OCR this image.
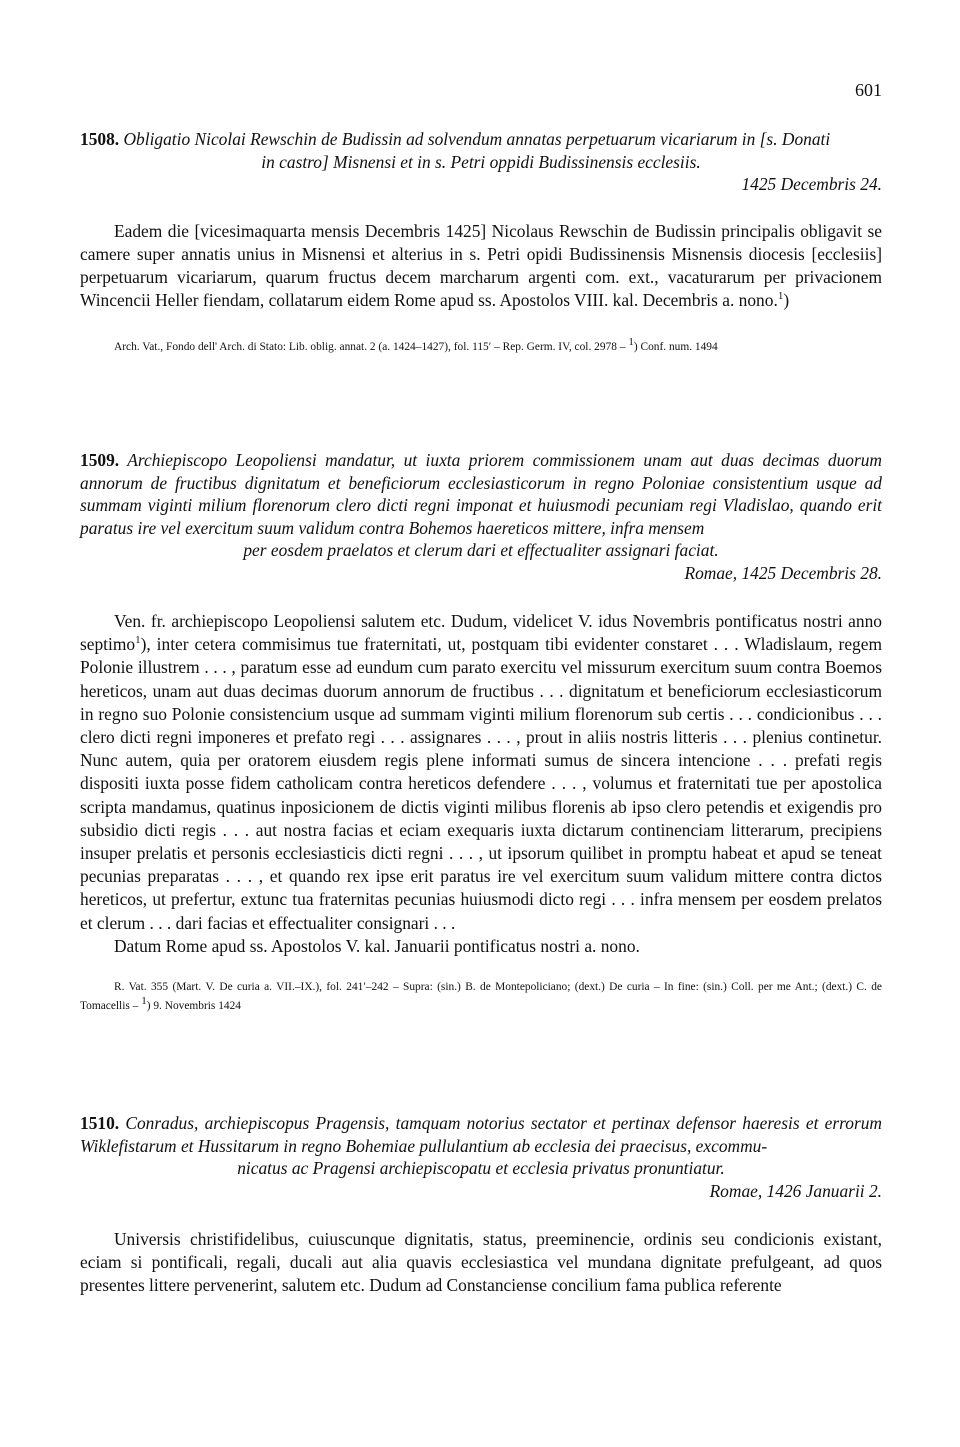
601
1508. Obligatio Nicolai Rewschin de Budissin ad solvendum annatas perpetuarum vicariarum in [s. Donati
in castro] Misnensi et in s. Petri oppidi Budissinensis ecclesiis.
1425 Decembris 24.

Eadem die [vicesimaquarta mensis Decembris 1425] Nicolaus Rewschin de Budissin principalis obligavit se camere super annatis unius in Misnensi et alterius in s. Petri opidi Budissinensis Misnensis diocesis [ecclesiis] perpetuarum vicariarum, quarum fructus decem marcharum argenti com. ext., vacaturarum per privacionem Wincencii Heller fiendam, collatarum eidem Rome apud ss. Apostolos VIII. kal. Decembris a. nono.$^1$)

Arch. Vat., Fondo dell' Arch. di Stato: Lib. oblig. annat. 2 (a. 1424–1427), fol. 115′ – Rep. Germ. IV, col. 2978 – $^1$) Conf. num. 1494
1509. Archiepiscopo Leopoliensi mandatur, ut iuxta priorem commissionem unam aut duas decimas duorum annorum de fructibus dignitatum et beneficiorum ecclesiasticorum in regno Poloniae consistentium usque ad summam viginti milium florenorum clero dicti regni imponat et huiusmodi pecuniam regi Vladislao, quando erit paratus ire vel exercitum suum validum contra Bohemos haereticos mittere, infra mensem
per eosdem praelatos et clerum dari et effectualiter assignari faciat.
Romae, 1425 Decembris 28.

Ven. fr. archiepiscopo Leopoliensi salutem etc. Dudum, videlicet V. idus Novembris pontificatus nostri anno septimo$^1$), inter cetera commisimus tue fraternitati, ut, postquam tibi evidenter constaret . . . Wladislaum, regem Polonie illustrem . . . , paratum esse ad eundum cum parato exercitu vel missurum exercitum suum contra Boemos hereticos, unam aut duas decimas duorum annorum de fructibus . . . dignitatum et beneficiorum ecclesiasticorum in regno suo Polonie consistencium usque ad summam viginti milium florenorum sub certis . . . condicionibus . . . clero dicti regni imponeres et prefato regi . . . assignares . . . , prout in aliis nostris litteris . . . plenius continetur. Nunc autem, quia per oratorem eiusdem regis plene informati sumus de sincera intencione . . . prefati regis dispositi iuxta posse fidem catholicam contra hereticos defendere . . . , volumus et fraternitati tue per apostolica scripta mandamus, quatinus inposicionem de dictis viginti milibus florenis ab ipso clero petendis et exigendis pro subsidio dicti regis . . . aut nostra facias et eciam exequaris iuxta dictarum continenciam litterarum, precipiens insuper prelatis et personis ecclesiasticis dicti regni . . . , ut ipsorum quilibet in promptu habeat et apud se teneat pecunias preparatas . . . , et quando rex ipse erit paratus ire vel exercitum suum validum mittere contra dictos hereticos, ut prefertur, extunc tua fraternitas pecunias huiusmodi dicto regi . . . infra mensem per eosdem prelatos et clerum . . . dari facias et effectualiter consignari . . .

Datum Rome apud ss. Apostolos V. kal. Januarii pontificatus nostri a. nono.

R. Vat. 355 (Mart. V. De curia a. VII.–IX.), fol. 241′–242 – Supra: (sin.) B. de Montepoliciano; (dext.) De curia – In fine: (sin.) Coll. per me Ant.; (dext.) C. de Tomacellis – $^1$) 9. Novembris 1424
1510. Conradus, archiepiscopus Pragensis, tamquam notorius sectator et pertinax defensor haeresis et errorum Wiklefistarum et Hussitarum in regno Bohemiae pullulantium ab ecclesia dei praecisus, excommu-
nicatus ac Pragensi archiepiscopatu et ecclesia privatus pronuntiatur.
Romae, 1426 Januarii 2.

Universis christifidelibus, cuiuscunque dignitatis, status, preeminencie, ordinis seu condicionis existant, eciam si pontificali, regali, ducali aut alia quavis ecclesiastica vel mundana dignitate prefulgeant, ad quos presentes littere pervenerint, salutem etc. Dudum ad Constanciense concilium fama publica referente
